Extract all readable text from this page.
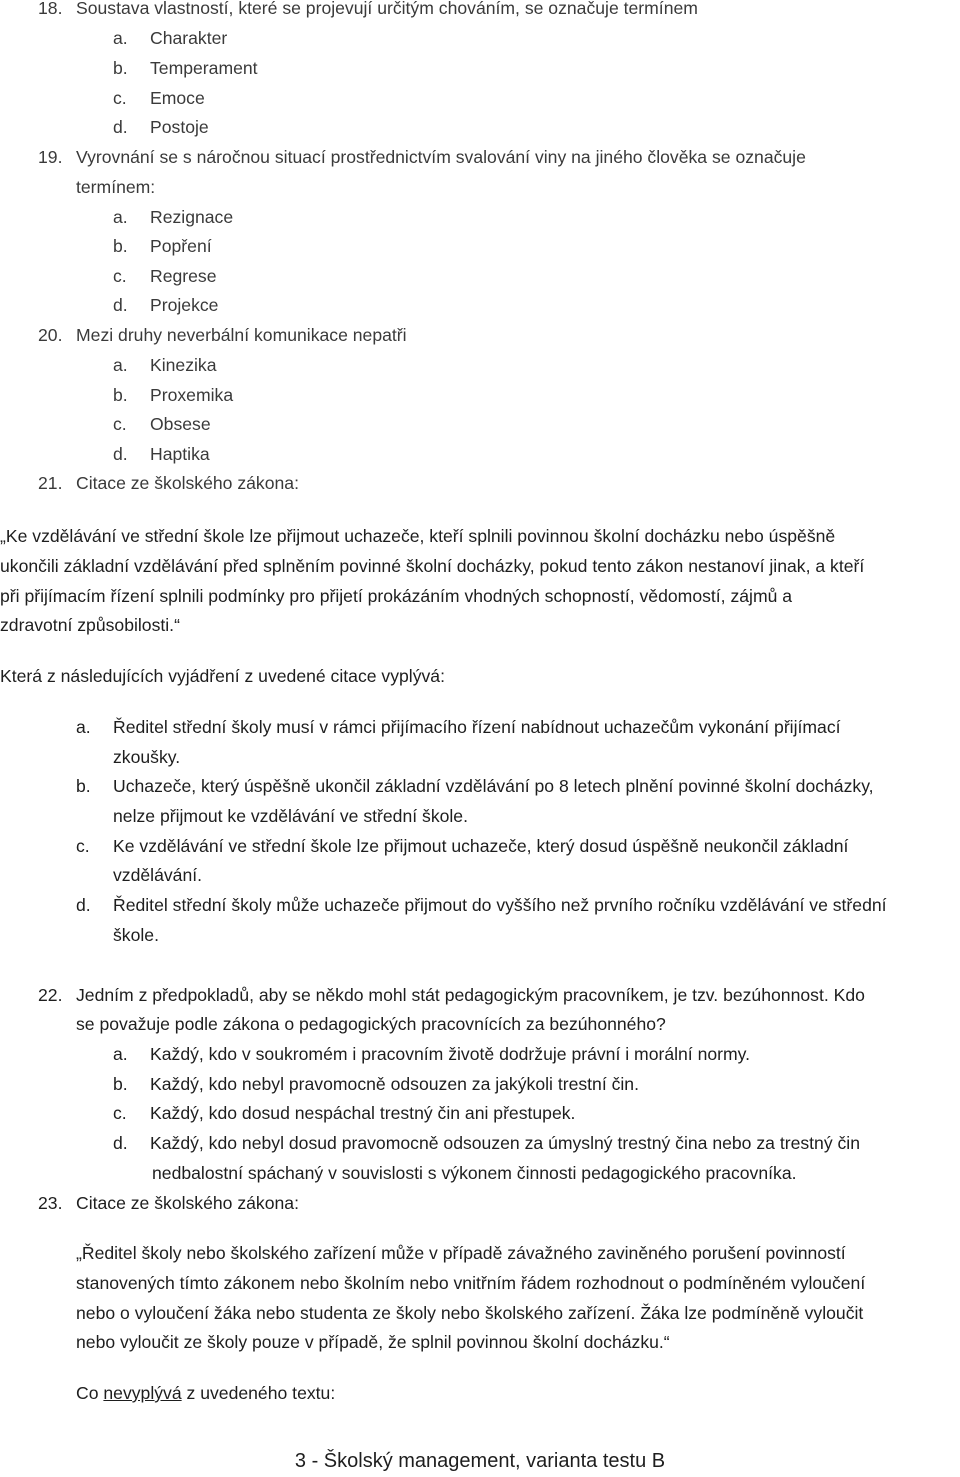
18. Soustava vlastností, které se projevují určitým chováním, se označuje termínem
a. Charakter
b. Temperament
c. Emoce
d. Postoje
19. Vyrovnání se s náročnou situací prostřednictvím svalování viny na jiného člověka se označuje
termínem:
a. Rezignace
b. Popření
c. Regrese
d. Projekce
20. Mezi druhy neverbální komunikace nepatři
a. Kinezika
b. Proxemika
c. Obsese
d. Haptika
21. Citace ze školského zákona:
„Ke vzdělávání ve střední škole lze přijmout uchazeče, kteří splnili povinnou školní docházku nebo úspěšně
ukončili základní vzdělávání před splněním povinné školní docházky, pokud tento zákon nestanoví jinak, a kteří
při přijímacím řízení splnili podmínky pro přijetí prokázáním vhodných schopností, vědomostí, zájmů a
zdravotní způsobilosti.“
Která z následujících vyjádření z uvedené citace vyplývá:
a. Ředitel střední školy musí v rámci přijímacího řízení nabídnout uchazečům vykonání přijímací
zkoušky.
b. Uchazeče, který úspěšně ukončil základní vzdělávání po 8 letech plnění povinné školní docházky,
nelze přijmout ke vzdělávání ve střední škole.
c. Ke vzdělávání ve střední škole lze přijmout uchazeče, který dosud úspěšně neukončil základní
vzdělávání.
d. Ředitel střední školy může uchazeče přijmout do vyššího než prvního ročníku vzdělávání ve střední
škole.
22. Jedním z předpokladů, aby se někdo mohl stát pedagogickým pracovníkem, je tzv. bezúhonnost. Kdo
se považuje podle zákona o pedagogických pracovnících za bezúhonného?
a. Každý, kdo v soukromém i pracovním životě dodržuje právní i morální normy.
b. Každý, kdo nebyl pravomocně odsouzen za jakýkoli trestní čin.
c. Každý, kdo dosud nespáchal trestný čin ani přestupek.
d. Každý, kdo nebyl dosud pravomocně odsouzen za úmyslný trestný čina nebo za trestný čin
nedbalostní spáchaný v souvislosti s výkonem činnosti pedagogického pracovníka.
23. Citace ze školského zákona:
„Ředitel školy nebo školského zařízení může v případě závažného zaviněného porušení povinností
stanovených tímto zákonem nebo školním nebo vnitřním řádem rozhodnout o podmíněném vyloučení
nebo o vyloučení žáka nebo studenta ze školy nebo školského zařízení. Žáka lze podmíněně vyloučit
nebo vyloučit ze školy pouze v případě, že splnil povinnou školní docházku.“
Co nevyplývá z uvedeného textu:
3 - Školský management, varianta testu B
